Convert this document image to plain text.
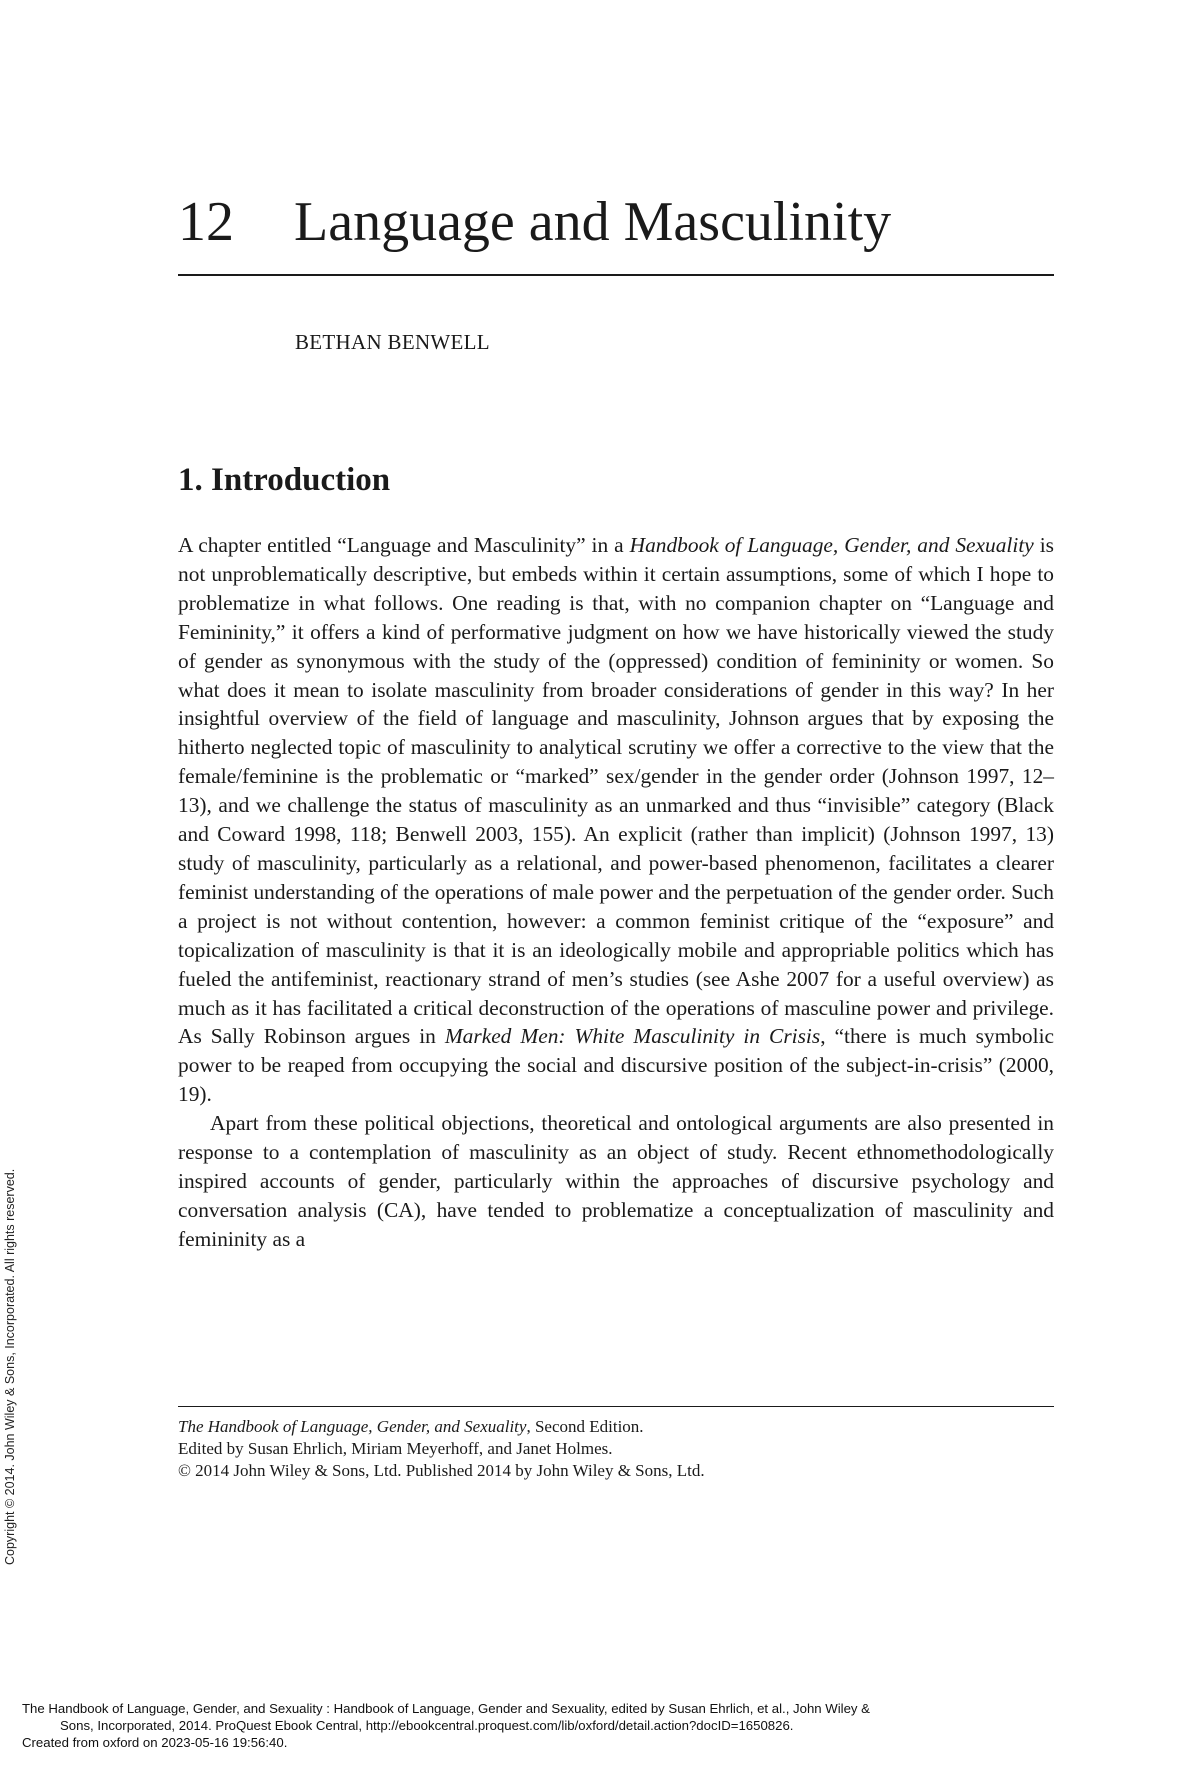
12 Language and Masculinity
BETHAN BENWELL
1. Introduction

A chapter entitled “Language and Masculinity” in a Handbook of Language, Gender, and Sexuality is not unproblematically descriptive, but embeds within it certain assumptions, some of which I hope to problematize in what follows. One reading is that, with no companion chapter on “Language and Femininity,” it offers a kind of performative judgment on how we have historically viewed the study of gender as synonymous with the study of the (oppressed) condition of femininity or women. So what does it mean to isolate masculinity from broader considerations of gender in this way? In her insightful overview of the field of language and masculinity, Johnson argues that by exposing the hitherto neglected topic of masculinity to analytical scrutiny we offer a corrective to the view that the female/feminine is the problematic or “marked” sex/gender in the gender order (Johnson 1997, 12–13), and we challenge the status of masculinity as an unmarked and thus “invisible” category (Black and Coward 1998, 118; Benwell 2003, 155). An explicit (rather than implicit) (Johnson 1997, 13) study of masculinity, particularly as a relational, and power-based phenomenon, facilitates a clearer feminist understanding of the operations of male power and the perpetuation of the gender order. Such a project is not without contention, however: a common feminist critique of the “exposure” and topicalization of masculinity is that it is an ideologically mobile and appropriable politics which has fueled the antifeminist, reactionary strand of men’s studies (see Ashe 2007 for a useful overview) as much as it has facilitated a critical deconstruction of the operations of masculine power and privilege. As Sally Robinson argues in Marked Men: White Masculinity in Crisis, “there is much symbolic power to be reaped from occupying the social and discursive position of the subject-in-crisis” (2000, 19).

Apart from these political objections, theoretical and ontological arguments are also presented in response to a contemplation of masculinity as an object of study. Recent ethnomethodologically inspired accounts of gender, particularly within the approaches of discursive psychology and conversation analysis (CA), have tended to problematize a conceptualization of masculinity and femininity as a

The Handbook of Language, Gender, and Sexuality, Second Edition.
Edited by Susan Ehrlich, Miriam Meyerhoff, and Janet Holmes.
© 2014 John Wiley & Sons, Ltd. Published 2014 by John Wiley & Sons, Ltd.
Copyright © 2014. John Wiley & Sons, Incorporated. All rights reserved.
The Handbook of Language, Gender, and Sexuality : Handbook of Language, Gender and Sexuality, edited by Susan Ehrlich, et al., John Wiley &
Sons, Incorporated, 2014. ProQuest Ebook Central, http://ebookcentral.proquest.com/lib/oxford/detail.action?docID=1650826.
Created from oxford on 2023-05-16 19:56:40.
